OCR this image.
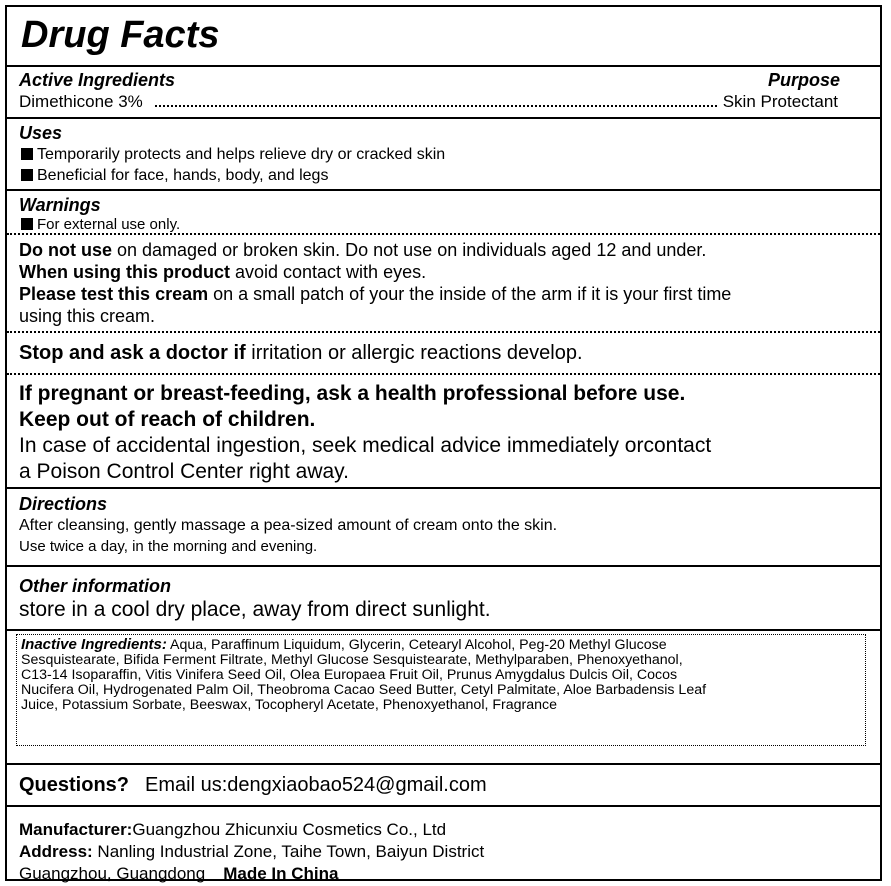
Drug Facts
Active Ingredients	Purpose
Dimethicone 3%	Skin Protectant
Uses
Temporarily protects and helps relieve dry or cracked skin
Beneficial for face, hands, body, and legs
Warnings
For external use only.
Do not use on damaged or broken skin. Do not use on individuals aged 12 and under.
When using this product avoid contact with eyes.
Please test this cream on a small patch of your the inside of the arm if it is your first time
using this cream.
Stop and ask a doctor if irritation or allergic reactions develop.
If pregnant or breast-feeding, ask a health professional before use.
Keep out of reach of children.
In case of accidental ingestion, seek medical advice immediately orcontact
a Poison Control Center right away.
Directions
After cleansing, gently massage a pea-sized amount of cream onto the skin.
Use twice a day, in the morning and evening.
Other information
store in a cool dry place, away from direct sunlight.
Inactive Ingredients: Aqua, Paraffinum Liquidum, Glycerin, Cetearyl Alcohol, Peg-20 Methyl Glucose
Sesquistearate, Bifida Ferment Filtrate, Methyl Glucose Sesquistearate, Methylparaben, Phenoxyethanol,
C13-14 Isoparaffin, Vitis Vinifera Seed Oil, Olea Europaea Fruit Oil, Prunus Amygdalus Dulcis Oil, Cocos
Nucifera Oil, Hydrogenated Palm Oil, Theobroma Cacao Seed Butter, Cetyl Palmitate, Aloe Barbadensis Leaf
Juice, Potassium Sorbate, Beeswax, Tocopheryl Acetate, Phenoxyethanol, Fragrance
Questions? Email us:dengxiaobao524@gmail.com
Manufacturer:Guangzhou Zhicunxiu Cosmetics Co., Ltd
Address: Nanling Industrial Zone, Taihe Town, Baiyun District
Guangzhou, Guangdong Made In China
